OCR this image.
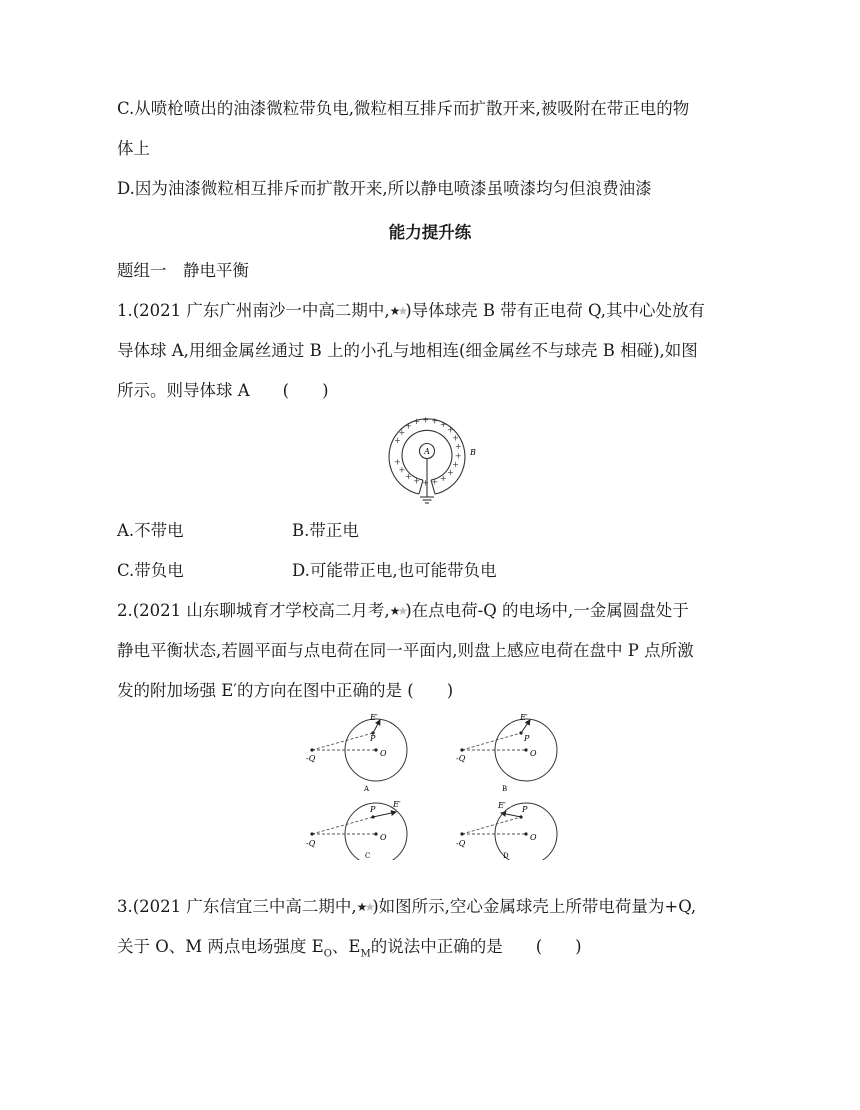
C.从喷枪喷出的油漆微粒带负电,微粒相互排斥而扩散开来,被吸附在带正电的物
体上
D.因为油漆微粒相互排斥而扩散开来,所以静电喷漆虽喷漆均匀但浪费油漆
能力提升练
题组一　静电平衡
1.(2021 广东广州南沙一中高二期中,★★)导体球壳 B 带有正电荷 Q,其中心处放有
导体球 A,用细金属丝通过 B 上的小孔与地相连(细金属丝不与球壳 B 相碰),如图
所示。则导体球 A　　(　　)
+
+
+ + + + +
+
+
+
+
+
+
+
+
+
+
+
+
+
A	B
A.不带电	B.带正电
C.带负电	D.可能带正电,也可能带负电
2.(2021 山东聊城育才学校高二月考,★★)在点电荷-Q 的电场中,一金属圆盘处于
静电平衡状态,若圆平面与点电荷在同一平面内,则盘上感应电荷在盘中 P 点所激
发的附加场强 E′的方向在图中正确的是 (　　)
-Q
E′
P
O
A
-Q
E′
P
O
B
-Q
E′
P
O
C
-Q
E′ P
O
D
3.(2021 广东信宜三中高二期中,★★)如图所示,空心金属球壳上所带电荷量为+Q,
关于 O、M 两点电场强度 $E_O$、$E_M$的说法中正确的是　　(　　)
